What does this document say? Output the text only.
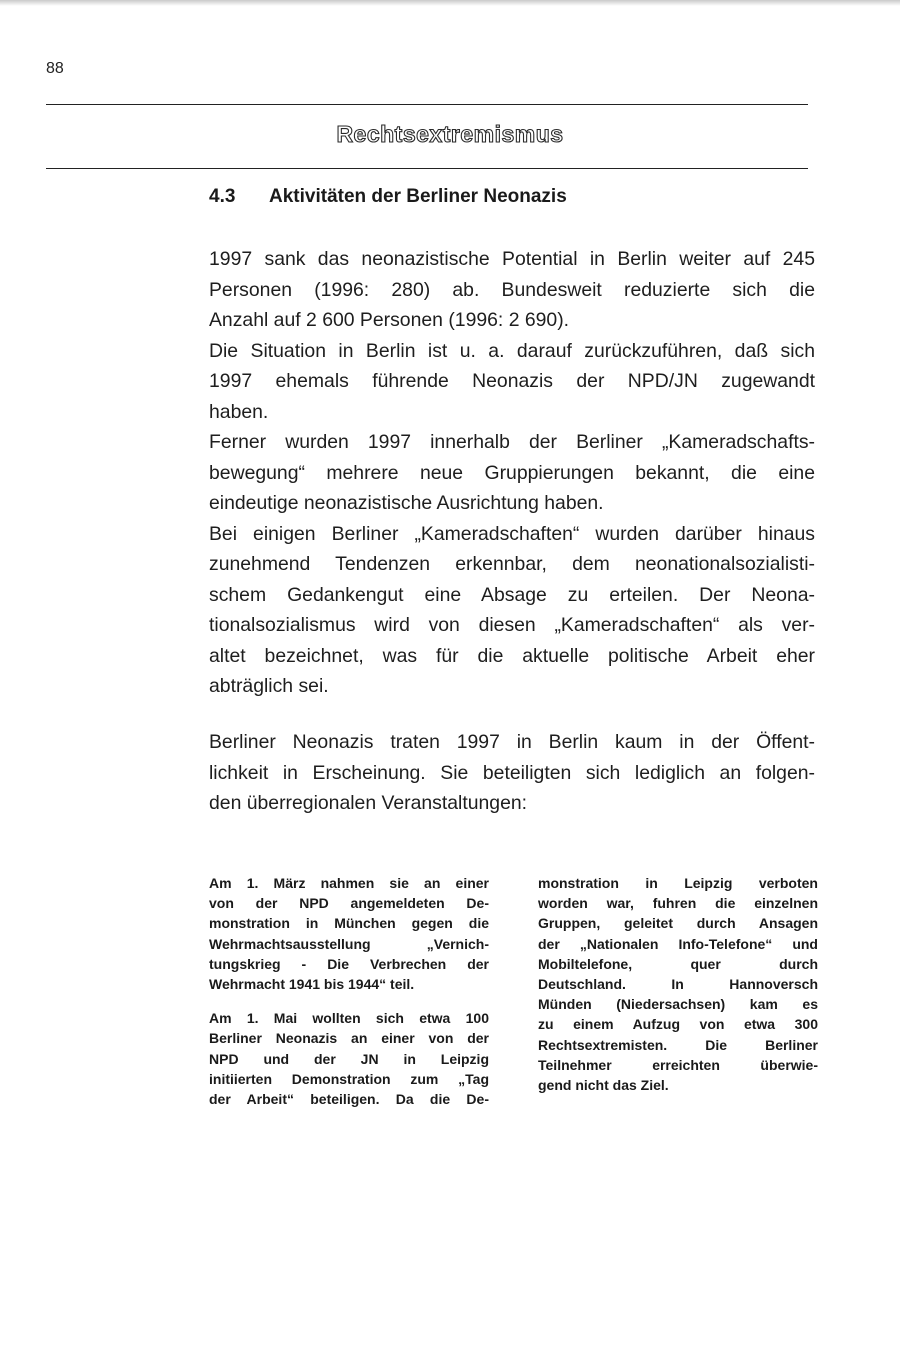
88
Rechtsextremismus
4.3 Aktivitäten der Berliner Neonazis
1997 sank das neonazistische Potential in Berlin weiter auf 245
Personen (1996: 280) ab. Bundesweit reduzierte sich die
Anzahl auf 2 600 Personen (1996: 2 690).
Die Situation in Berlin ist u. a. darauf zurückzuführen, daß sich
1997 ehemals führende Neonazis der NPD/JN zugewandt
haben.
Ferner wurden 1997 innerhalb der Berliner „Kameradschafts-
bewegung“ mehrere neue Gruppierungen bekannt, die eine
eindeutige neonazistische Ausrichtung haben.
Bei einigen Berliner „Kameradschaften“ wurden darüber hinaus
zunehmend Tendenzen erkennbar, dem neonationalsozialisti-
schem Gedankengut eine Absage zu erteilen. Der Neona-
tionalsozialismus wird von diesen „Kameradschaften“ als ver-
altet bezeichnet, was für die aktuelle politische Arbeit eher
abträglich sei.
Berliner Neonazis traten 1997 in Berlin kaum in der Öffent-
lichkeit in Erscheinung. Sie beteiligten sich lediglich an folgen-
den überregionalen Veranstaltungen:
Am 1. März nahmen sie an einer
von der NPD angemeldeten De-
monstration in München gegen die
Wehrmachtsausstellung „Vernich-
tungskrieg - Die Verbrechen der
Wehrmacht 1941 bis 1944“ teil.
Am 1. Mai wollten sich etwa 100
Berliner Neonazis an einer von der
NPD und der JN in Leipzig
initiierten Demonstration zum „Tag
der Arbeit“ beteiligen. Da die De-
monstration in Leipzig verboten
worden war, fuhren die einzelnen
Gruppen, geleitet durch Ansagen
der „Nationalen Info-Telefone“ und
Mobiltelefone, quer durch
Deutschland. In Hannoversch
Münden (Niedersachsen) kam es
zu einem Aufzug von etwa 300
Rechtsextremisten. Die Berliner
Teilnehmer erreichten überwie-
gend nicht das Ziel.
